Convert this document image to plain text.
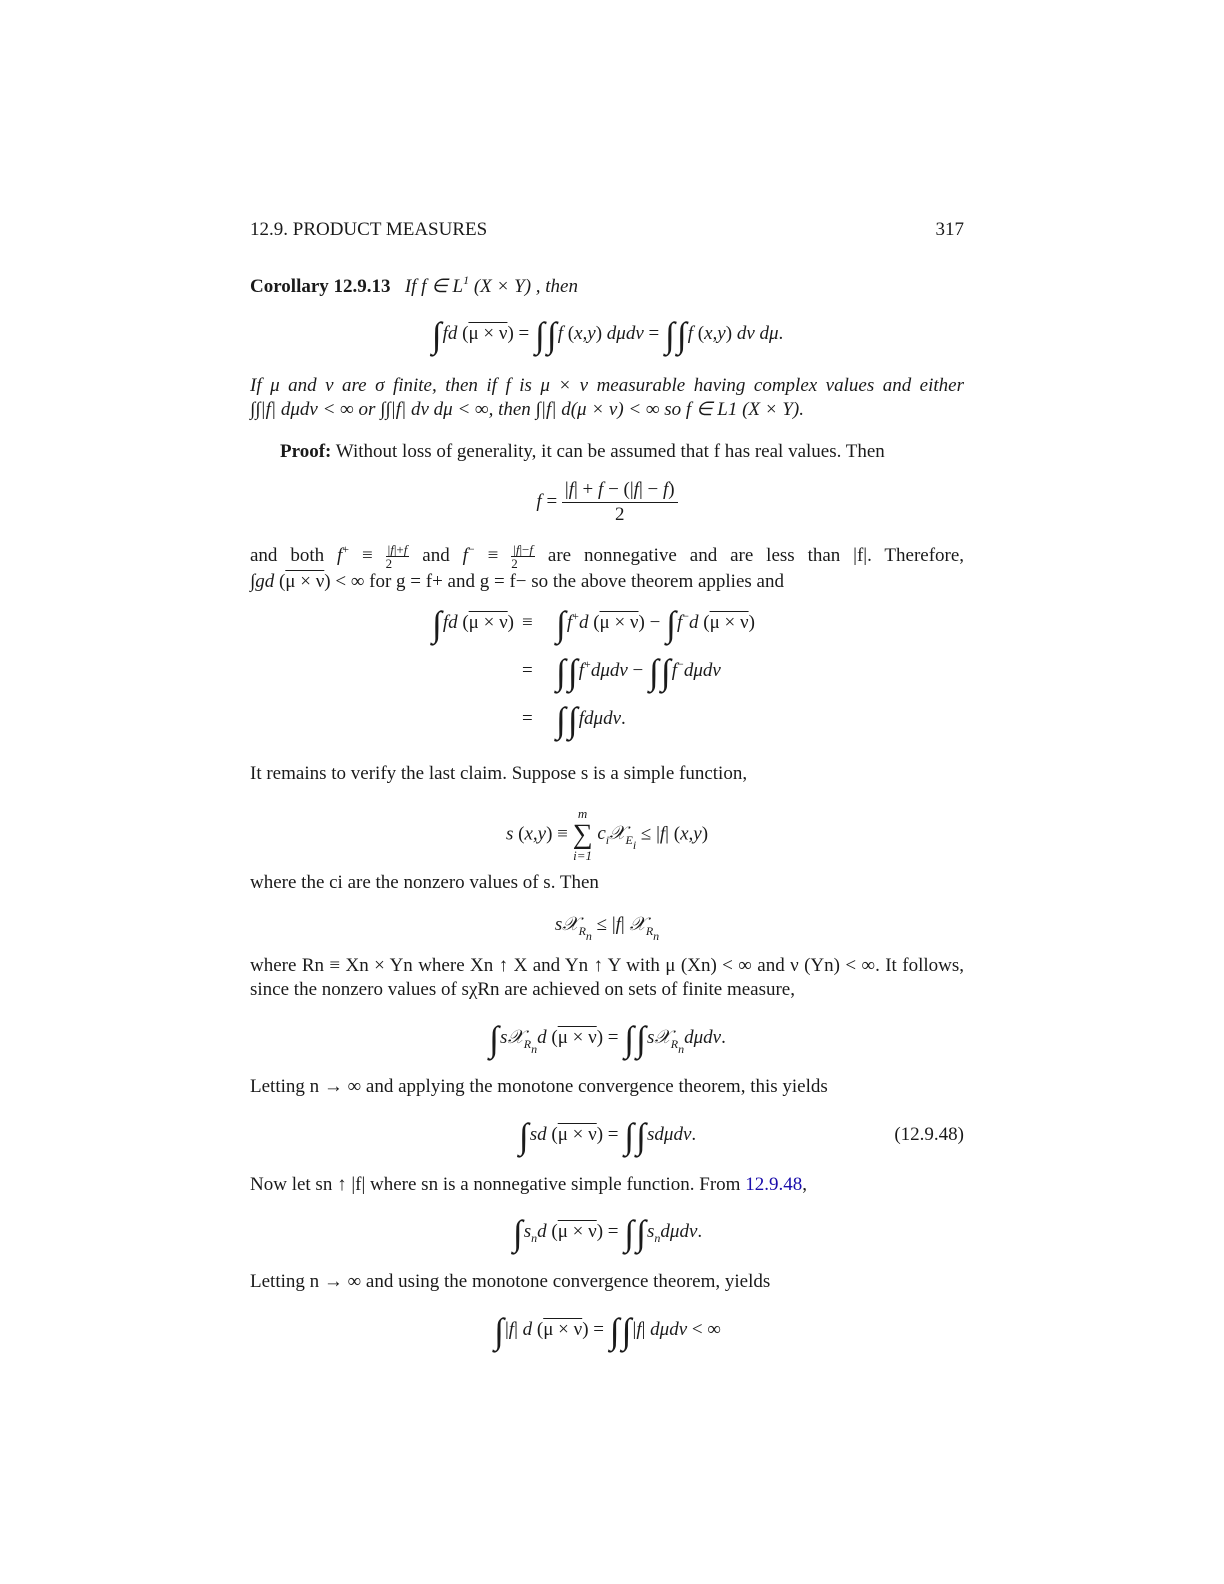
12.9. PRODUCT MEASURES	317
Corollary 12.9.13   If f ∈ $L^1$ (X × Y) , then
∫fd (μ × ν) = ∫∫f (x,y) dμdν = ∫∫f (x,y) dν dμ.
If μ and ν are σ finite, then if f is μ × ν measurable having complex values and either
∫∫|f| dμdν < ∞ or ∫∫|f| dν dμ < ∞, then ∫|f| d(μ × ν) < ∞ so f ∈ L1 (X × Y).
Proof: Without loss of generality, it can be assumed that f has real values. Then
$f = \frac{|f| + f - (|f| - f)}{2}$
and both $f^+ \equiv \frac{|f|+f}{2}$ and $f^- \equiv \frac{|f|-f}{2}$ are nonnegative and are less than |f|. Therefore,
∫gd (μ × ν) < ∞ for g = f+ and g = f− so the above theorem applies and
∫fd (μ × ν) ≡ ∫f+d (μ × ν) − ∫f−d (μ × ν)
= ∫∫f+dμdν − ∫∫f−dμdν
= ∫∫fdμdν.
It remains to verify the last claim. Suppose s is a simple function,
s (x,y) ≡
m
∑
i=1
$c_i𝒳_{E_i} \le |f|$ (x,y)
where the ci are the nonzero values of s. Then
s𝒳$_{R_n}$ ≤ |f| 𝒳$_{R_n}$
where Rn ≡ Xn × Yn where Xn ↑ X and Yn ↑ Y with μ (Xn) < ∞ and ν (Yn) < ∞. It follows,
since the nonzero values of sχRn are achieved on sets of finite measure,
∫s𝒳$_{R_n}$d (μ × ν) = ∫∫s𝒳$_{R_n}$dμdν.
Letting n → ∞ and applying the monotone convergence theorem, this yields
∫sd (μ × ν) = ∫∫sdμdν.	(12.9.48)
Now let sn ↑ |f| where sn is a nonnegative simple function. From 12.9.48,
$\int s_nd$ $(\mu \times \nu) = \int\int s_nd\mu d\nu$.
Letting n → ∞ and using the monotone convergence theorem, yields
∫|f| d (μ × ν) = ∫∫|f| dμdν < ∞
